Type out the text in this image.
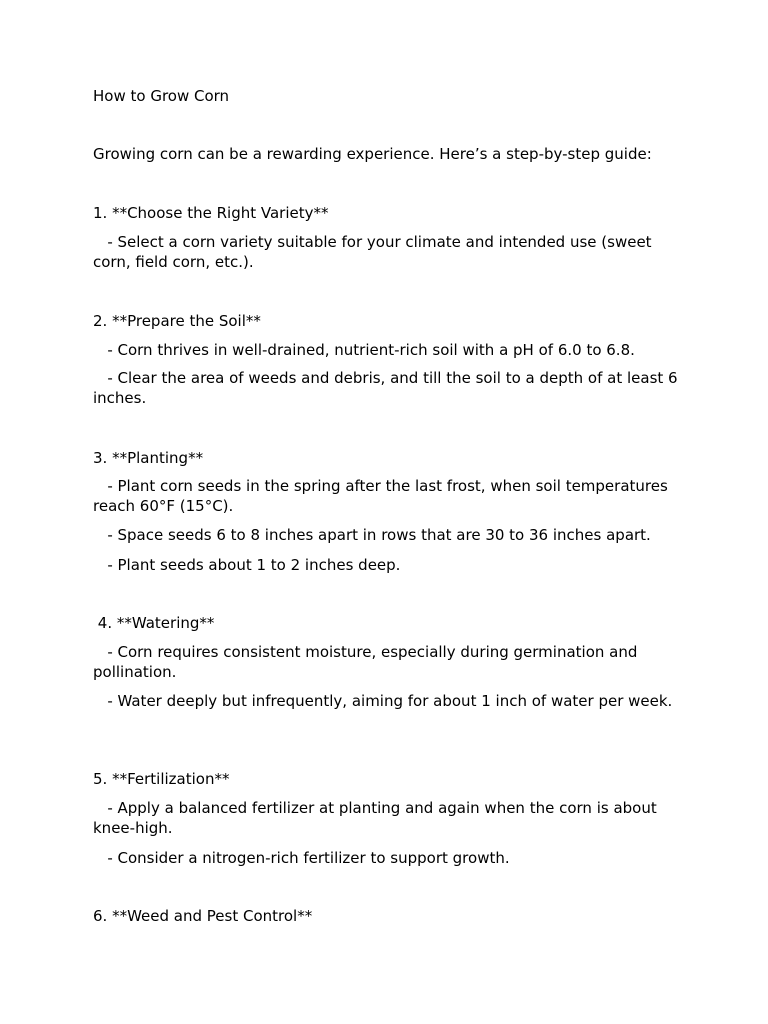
How to Grow Corn

Growing corn can be a rewarding experience. Here’s a step-by-step guide:

1. **Choose the Right Variety**

- Select a corn variety suitable for your climate and intended use (sweet corn, field corn, etc.).

2. **Prepare the Soil**

- Corn thrives in well-drained, nutrient-rich soil with a pH of 6.0 to 6.8.

- Clear the area of weeds and debris, and till the soil to a depth of at least 6 inches.

3. **Planting**

- Plant corn seeds in the spring after the last frost, when soil temperatures reach 60°F (15°C).

- Space seeds 6 to 8 inches apart in rows that are 30 to 36 inches apart.

- Plant seeds about 1 to 2 inches deep.

4. **Watering**

- Corn requires consistent moisture, especially during germination and pollination.

- Water deeply but infrequently, aiming for about 1 inch of water per week.

5. **Fertilization**

- Apply a balanced fertilizer at planting and again when the corn is about knee-high.

- Consider a nitrogen-rich fertilizer to support growth.

6. **Weed and Pest Control**
